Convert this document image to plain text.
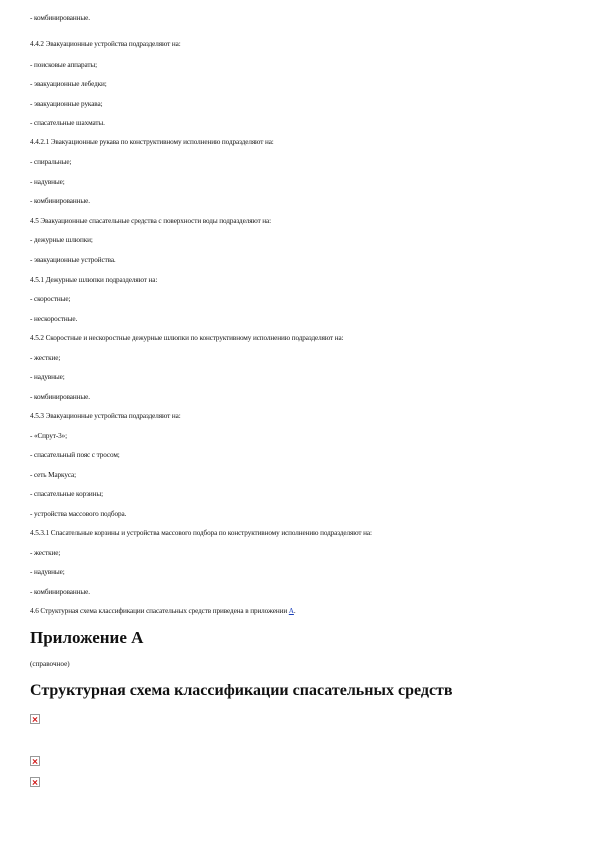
- комбинированные.
4.4.2 Эвакуационные устройства подразделяют на:
- поисковые аппараты;
- эвакуационные лебедки;
- эвакуационные рукава;
- спасательные шахматы.
4.4.2.1 Эвакуационные рукава по конструктивному исполнению подразделяют на:
- спиральные;
- надувные;
- комбинированные.
4.5 Эвакуационные спасательные средства с поверхности воды подразделяют на:
- дежурные шлюпки;
- эвакуационные устройства.
4.5.1 Дежурные шлюпки подразделяют на:
- скоростные;
- нескоростные.
4.5.2 Скоростные и нескоростные дежурные шлюпки по конструктивному исполнению подразделяют на:
- жесткие;
- надувные;
- комбинированные.
4.5.3 Эвакуационные устройства подразделяют на:
- «Спрут-3»;
- спасательный пояс с тросом;
- сеть Маркуса;
- спасательные корзины;
- устройства массового подбора.
4.5.3.1 Спасательные корзины и устройства массового подбора по конструктивному исполнению подразделяют на:
- жесткие;
- надувные;
- комбинированные.
4.6 Структурная схема классификации спасательных средств приведена в приложении А.
Приложение А
(справочное)
Структурная схема классификации спасательных средств
